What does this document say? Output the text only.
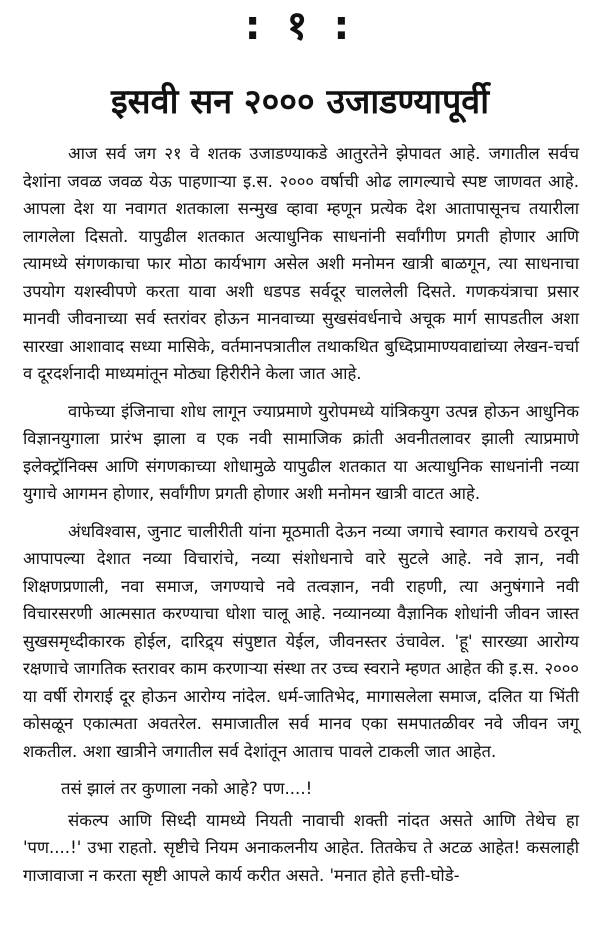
: १ :
इसवी सन २००० उजाडण्यापूर्वी

आज सर्व जग २१ वे शतक उजाडण्याकडे आतुरतेने झेपावत आहे. जगातील सर्वच देशांना जवळ जवळ येऊ पाहणाऱ्या इ.स. २००० वर्षाची ओढ लागल्याचे स्पष्ट जाणवत आहे. आपला देश या नवागत शतकाला सन्मुख व्हावा म्हणून प्रत्येक देश आतापासूनच तयारीला लागलेला दिसतो. यापुढील शतकात अत्याधुनिक साधनांनी सर्वांगीण प्रगती होणार आणि त्यामध्ये संगणकाचा फार मोठा कार्यभाग असेल अशी मनोमन खात्री बाळगून, त्या साधनाचा उपयोग यशस्वीपणे करता यावा अशी धडपड सर्वदूर चाललेली दिसते. गणकयंत्राचा प्रसार मानवी जीवनाच्या सर्व स्तरांवर होऊन मानवाच्या सुखसंवर्धनाचे अचूक मार्ग सापडतील अशा सारखा आशावाद सध्या मासिके, वर्तमानपत्रातील तथाकथित बुध्दिप्रामाण्यवाद्यांच्या लेखन-चर्चा व दूरदर्शनादी माध्यमांतून मोठ्या हिरीरीने केला जात आहे.

वाफेच्या इंजिनाचा शोध लागून ज्याप्रमाणे युरोपमध्ये यांत्रिकयुग उत्पन्न होऊन आधुनिक विज्ञानयुगाला प्रारंभ झाला व एक नवी सामाजिक क्रांती अवनीतलावर झाली त्याप्रमाणे इलेक्ट्रॉनिक्स आणि संगणकाच्या शोधामुळे यापुढील शतकात या अत्याधुनिक साधनांनी नव्या युगाचे आगमन होणार, सर्वांगीण प्रगती होणार अशी मनोमन खात्री वाटत आहे.

अंधविश्वास, जुनाट चालीरीती यांना मूठमाती देऊन नव्या जगाचे स्वागत करायचे ठरवून आपापल्या देशात नव्या विचारांचे, नव्या संशोधनाचे वारे सुटले आहे. नवे ज्ञान, नवी शिक्षणप्रणाली, नवा समाज, जगण्याचे नवे तत्वज्ञान, नवी राहणी, त्या अनुषंगाने नवी विचारसरणी आत्मसात करण्याचा धोशा चालू आहे. नव्यानव्या वैज्ञानिक शोधांनी जीवन जास्त सुखसमृध्दीकारक होईल, दारिद्र्य संपुष्टात येईल, जीवनस्तर उंचावेल. 'हू' सारख्या आरोग्य रक्षणाचे जागतिक स्तरावर काम करणाऱ्या संस्था तर उच्च स्वराने म्हणत आहेत की इ.स. २००० या वर्षी रोगराई दूर होऊन आरोग्य नांदेल. धर्म-जातिभेद, मागासलेला समाज, दलित या भिंती कोसळून एकात्मता अवतरेल. समाजातील सर्व मानव एका समपातळीवर नवे जीवन जगू शकतील. अशा खात्रीने जगातील सर्व देशांतून आताच पावले टाकली जात आहेत.

तसं झालं तर कुणाला नको आहे? पण....!

संकल्प आणि सिध्दी यामध्ये नियती नावाची शक्ती नांदत असते आणि तेथेच हा 'पण....!' उभा राहतो. सृष्टीचे नियम अनाकलनीय आहेत. तितकेच ते अटळ आहेत! कसलाही गाजावाजा न करता सृष्टी आपले कार्य करीत असते. 'मनात होते हत्ती-घोडे-
